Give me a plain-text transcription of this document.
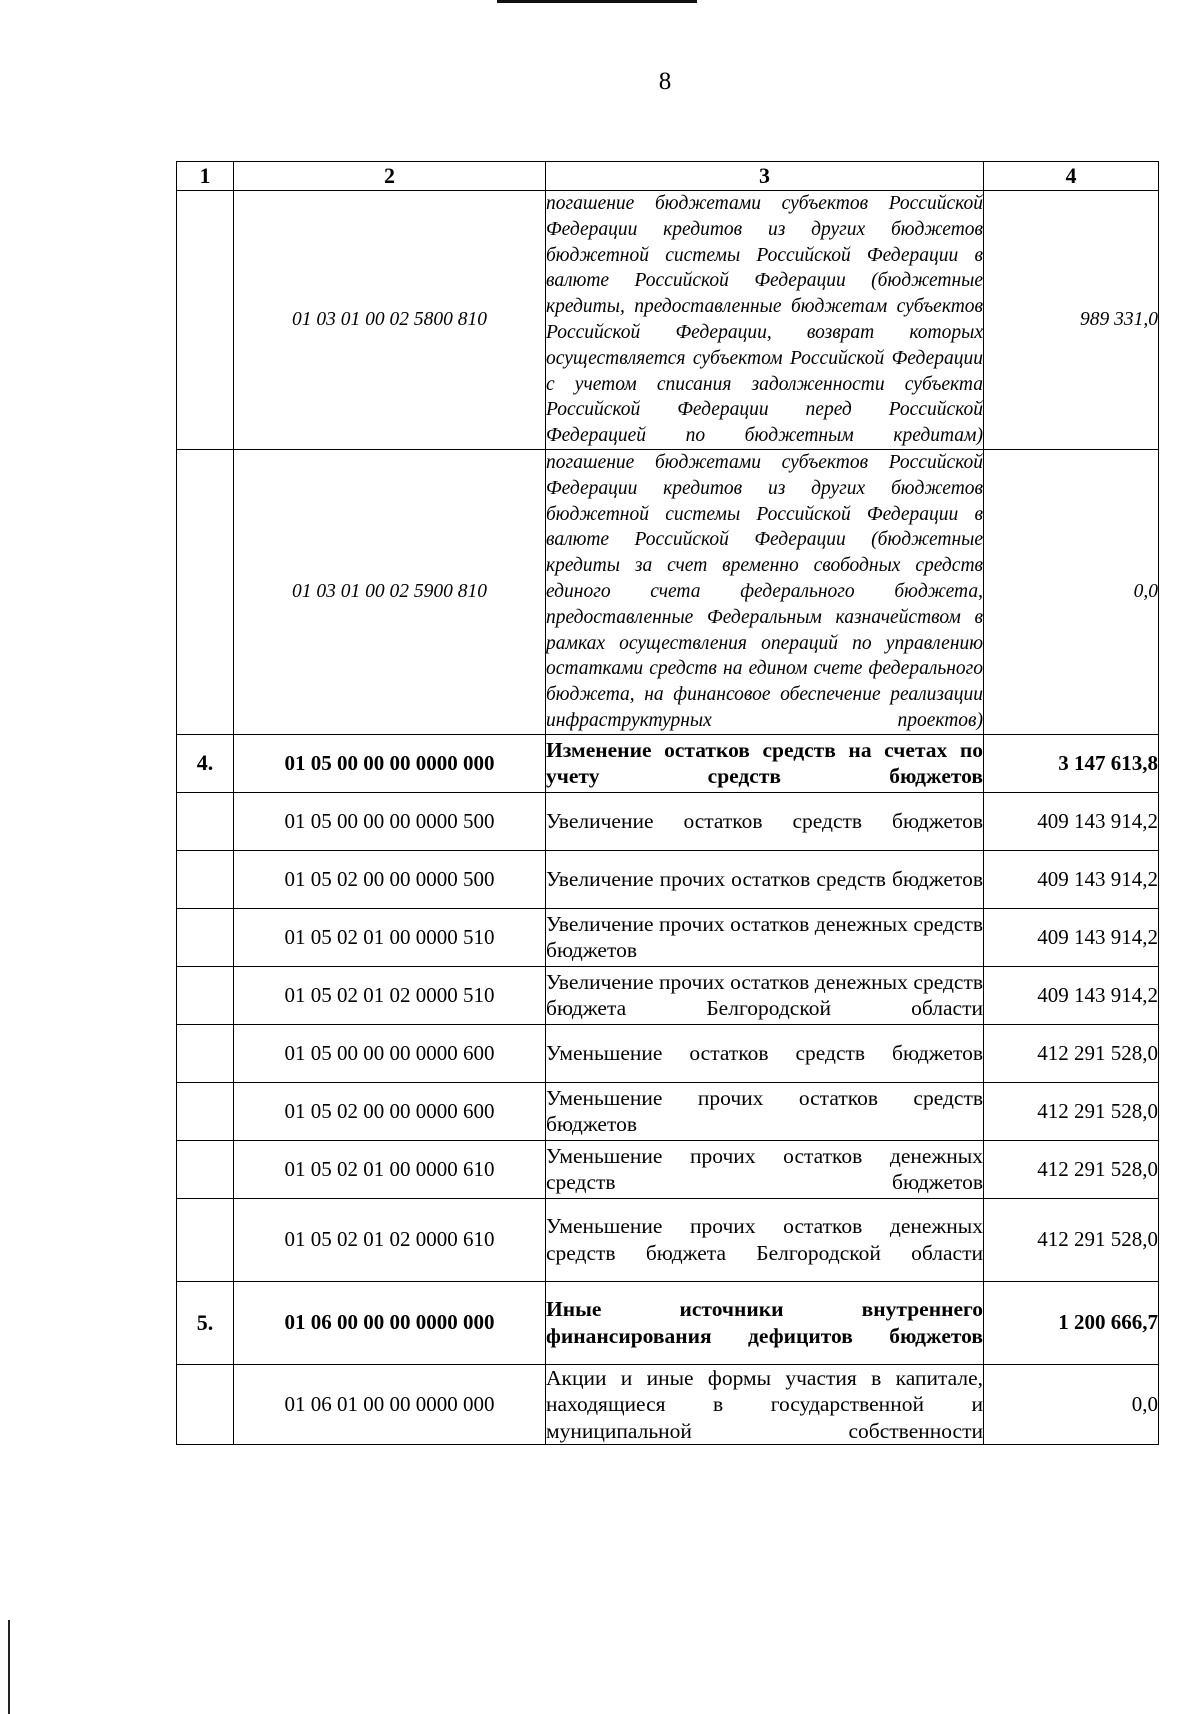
8
1	2	3	4
	01 03 01 00 02 5800 810	погашение бюджетами субъектов Российской Федерации кредитов из других бюджетов бюджетной системы Российской Федерации в валюте Российской Федерации (бюджетные кредиты, предоставленные бюджетам субъектов Российской Федерации, возврат которых осуществляется субъектом Российской Федерации с учетом списания задолженности субъекта Российской Федерации перед Российской Федерацией по бюджетным кредитам)	989 331,0
	01 03 01 00 02 5900 810	погашение бюджетами субъектов Российской Федерации кредитов из других бюджетов бюджетной системы Российской Федерации в валюте Российской Федерации (бюджетные кредиты за счет временно свободных средств единого счета федерального бюджета, предоставленные Федеральным казначейством в рамках осуществления операций по управлению остатками средств на едином счете федерального бюджета, на финансовое обеспечение реализации инфраструктурных проектов)	0,0
4.	01 05 00 00 00 0000 000	Изменение остатков средств на счетах по учету средств бюджетов	3 147 613,8
	01 05 00 00 00 0000 500	Увеличение остатков средств бюджетов	409 143 914,2
	01 05 02 00 00 0000 500	Увеличение прочих остатков средств бюджетов	409 143 914,2
	01 05 02 01 00 0000 510	Увеличение прочих остатков денежных средств бюджетов	409 143 914,2
	01 05 02 01 02 0000 510	Увеличение прочих остатков денежных средств бюджета Белгородской области	409 143 914,2
	01 05 00 00 00 0000 600	Уменьшение остатков средств бюджетов	412 291 528,0
	01 05 02 00 00 0000 600	Уменьшение прочих остатков средств бюджетов	412 291 528,0
	01 05 02 01 00 0000 610	Уменьшение прочих остатков денежных средств бюджетов	412 291 528,0
	01 05 02 01 02 0000 610	Уменьшение прочих остатков денежных средств бюджета Белгородской области	412 291 528,0
5.	01 06 00 00 00 0000 000	Иные источники внутреннего финансирования дефицитов бюджетов	1 200 666,7
	01 06 01 00 00 0000 000	Акции и иные формы участия в капитале, находящиеся в государственной и муниципальной собственности	0,0
